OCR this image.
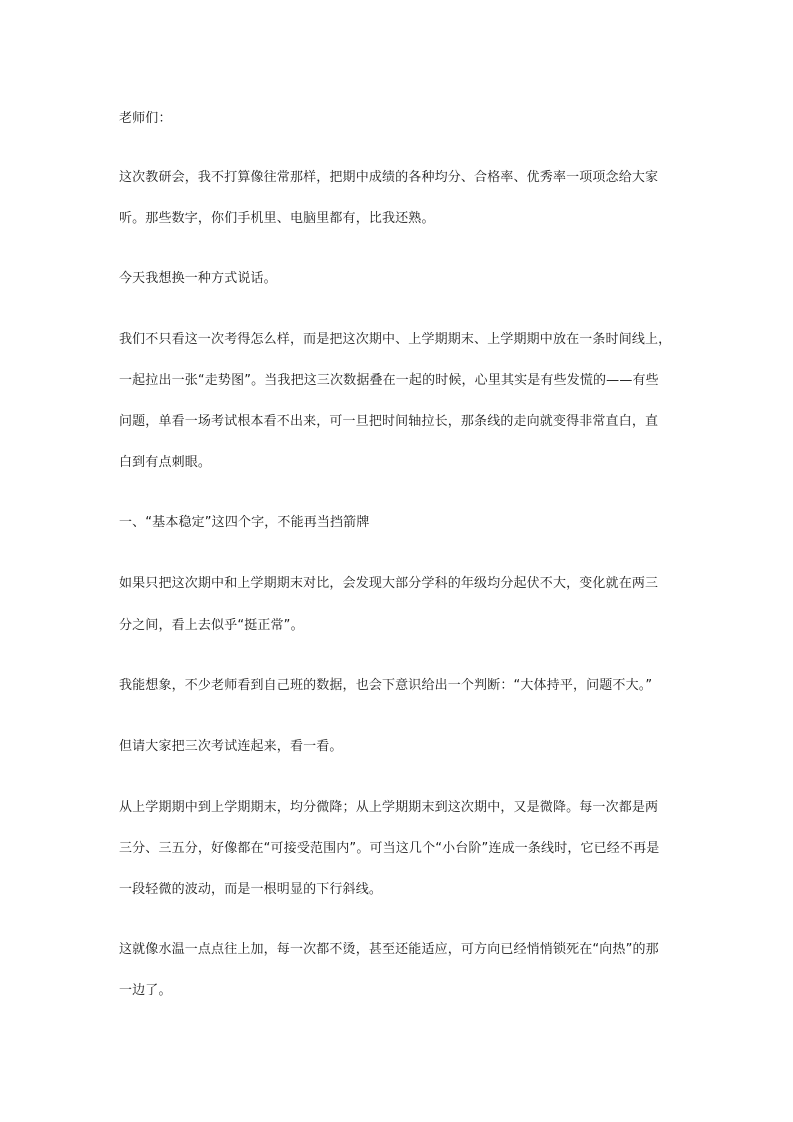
老师们：

这次教研会，我不打算像往常那样，把期中成绩的各种均分、合格率、优秀率一项项念给大家

听。那些数字，你们手机里、电脑里都有，比我还熟。

今天我想换一种方式说话。

我们不只看这一次考得怎么样，而是把这次期中、上学期期末、上学期期中放在一条时间线上，

一起拉出一张“走势图”。当我把这三次数据叠在一起的时候，心里其实是有些发慌的——有些

问题，单看一场考试根本看不出来，可一旦把时间轴拉长，那条线的走向就变得非常直白，直

白到有点刺眼。

一、“基本稳定”这四个字，不能再当挡箭牌

如果只把这次期中和上学期期末对比，会发现大部分学科的年级均分起伏不大，变化就在两三

分之间，看上去似乎“挺正常”。

我能想象，不少老师看到自己班的数据，也会下意识给出一个判断：“大体持平，问题不大。”

但请大家把三次考试连起来，看一看。

从上学期期中到上学期期末，均分微降；从上学期期末到这次期中，又是微降。每一次都是两

三分、三五分，好像都在“可接受范围内”。可当这几个“小台阶”连成一条线时，它已经不再是

一段轻微的波动，而是一根明显的下行斜线。

这就像水温一点点往上加，每一次都不烫，甚至还能适应，可方向已经悄悄锁死在“向热”的那

一边了。
